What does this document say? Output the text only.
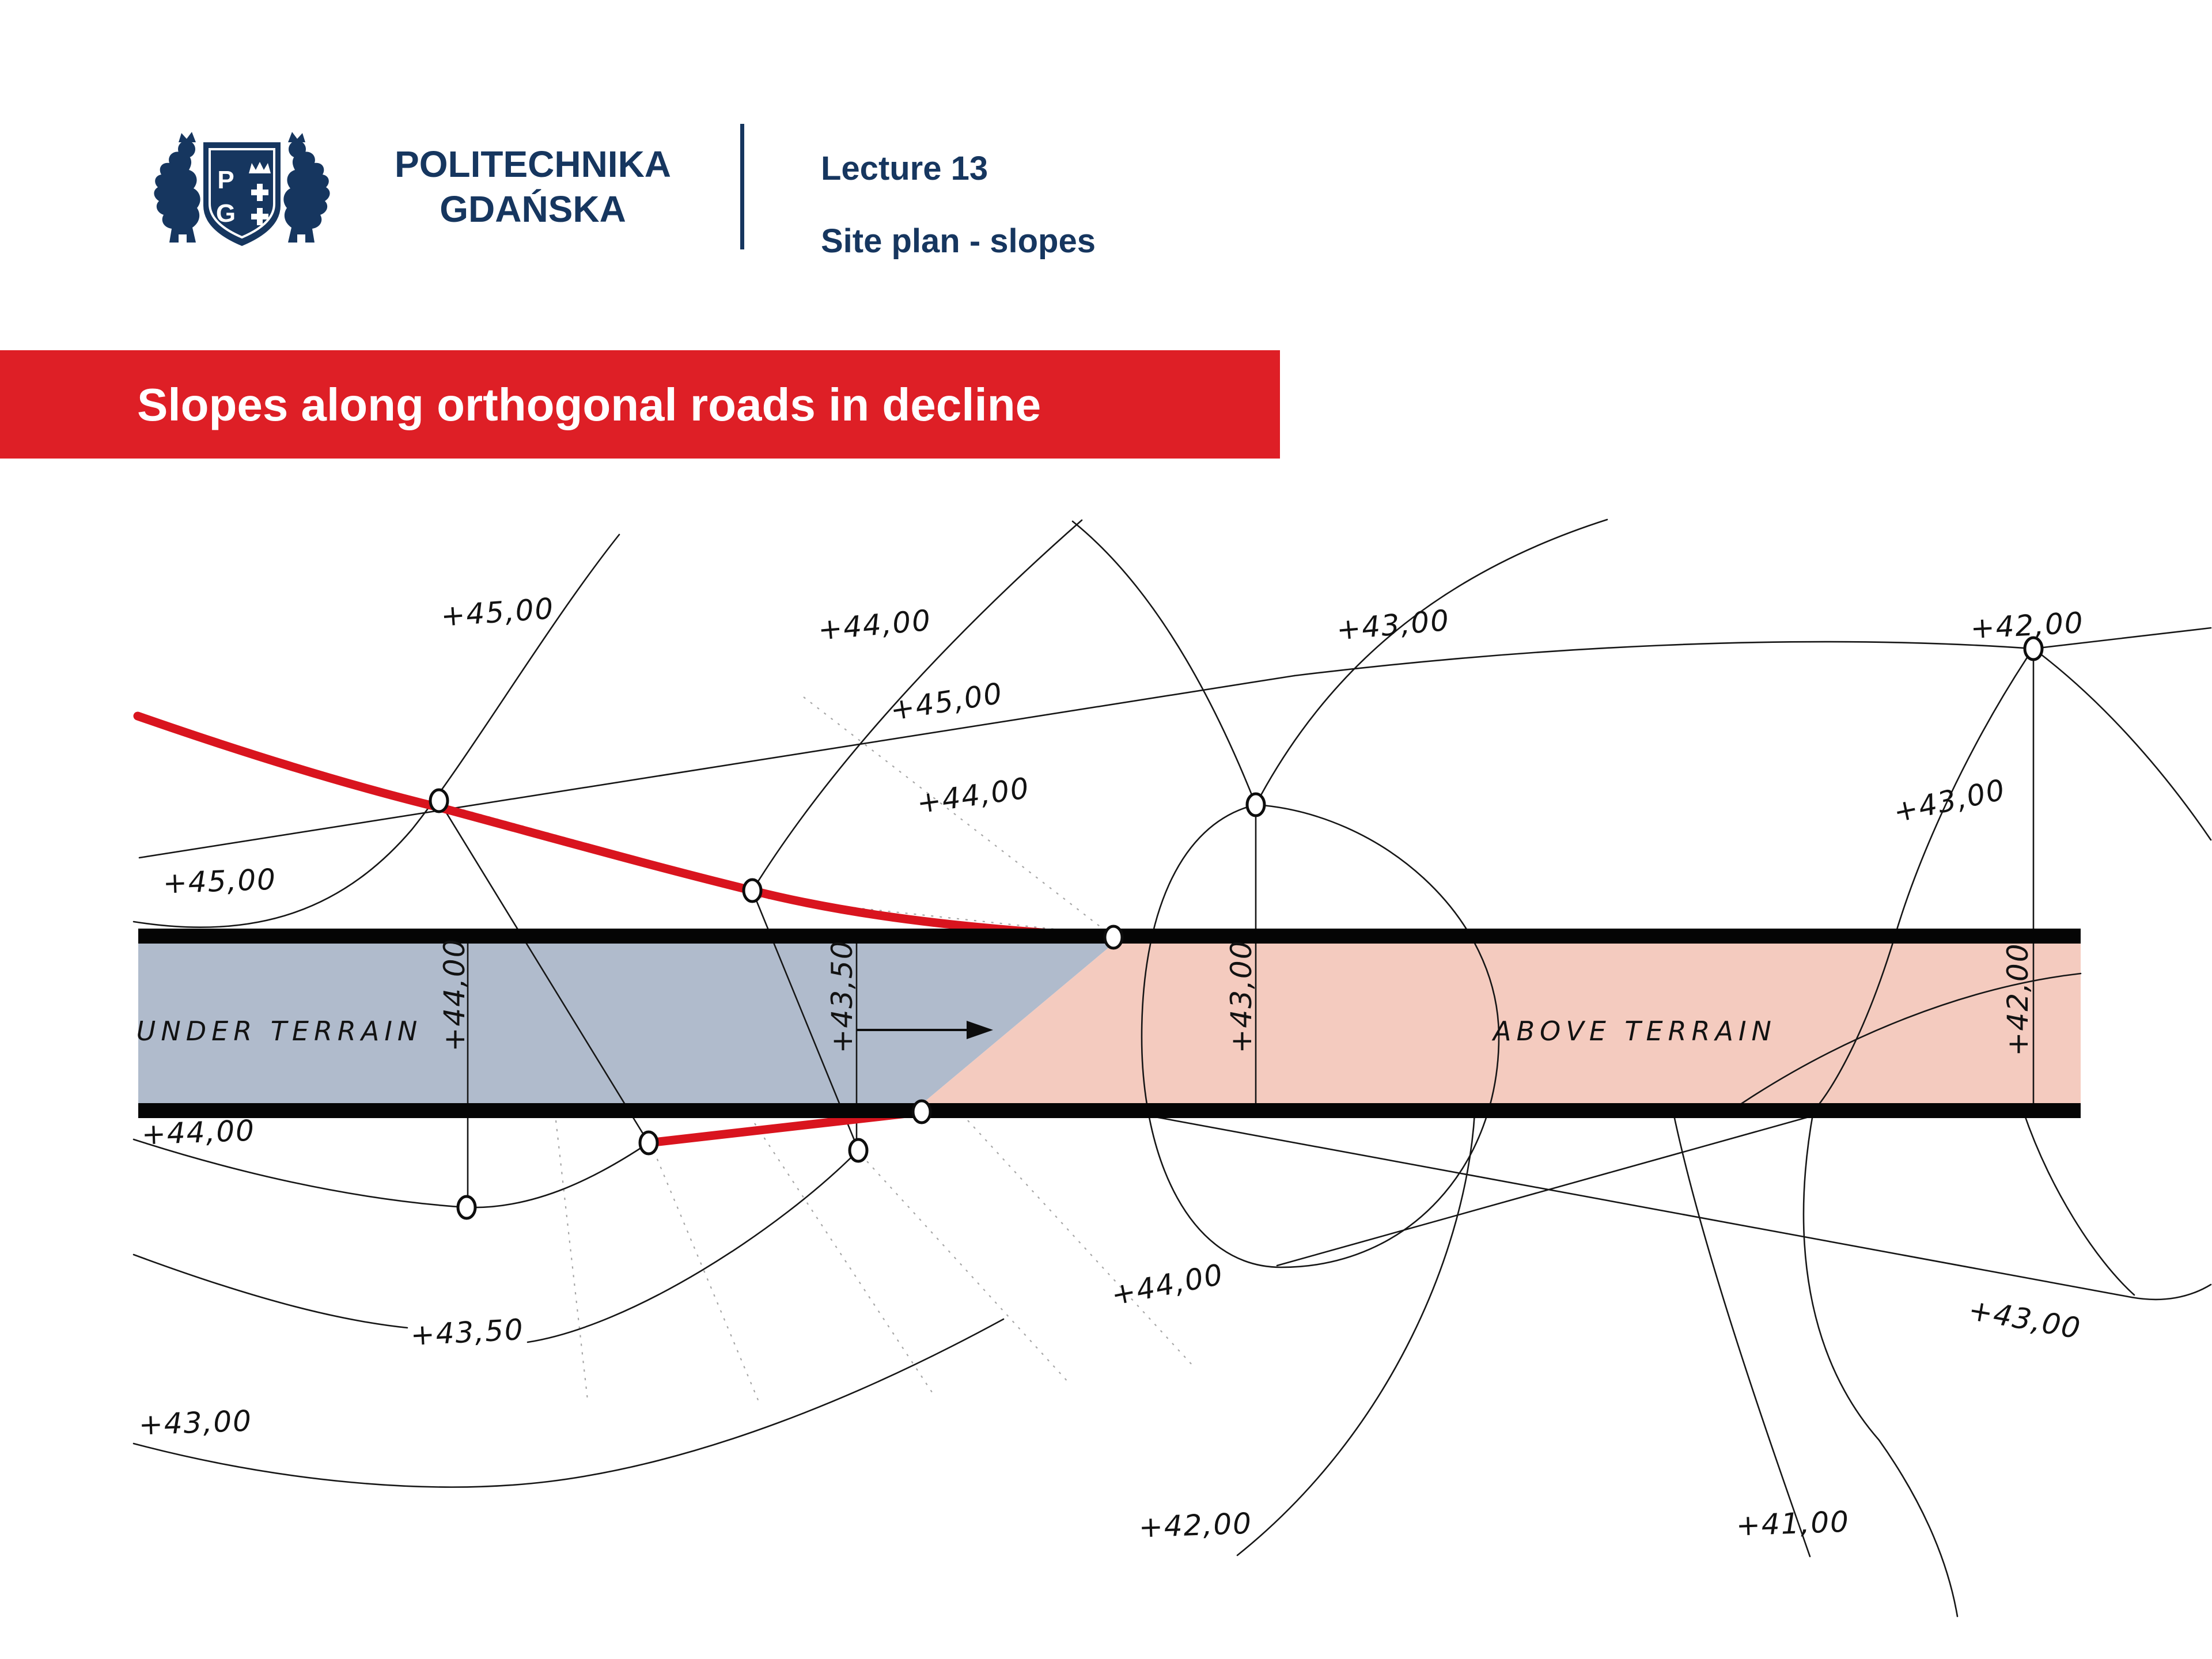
P
G
POLITECHNIKA
GDAŃSKA
Lecture 13
Site plan - slopes
Slopes along orthogonal roads in decline
+45,00	+44,00	+43,00	+42,00
+45,00
+44,00	+43,00
+45,00
+44,00
+43,50
+43,00
+44,00
+43,00
+42,00	+41,00
+44,00	+43,50	+43,00	+42,00
UNDER TERRAIN	ABOVE TERRAIN
